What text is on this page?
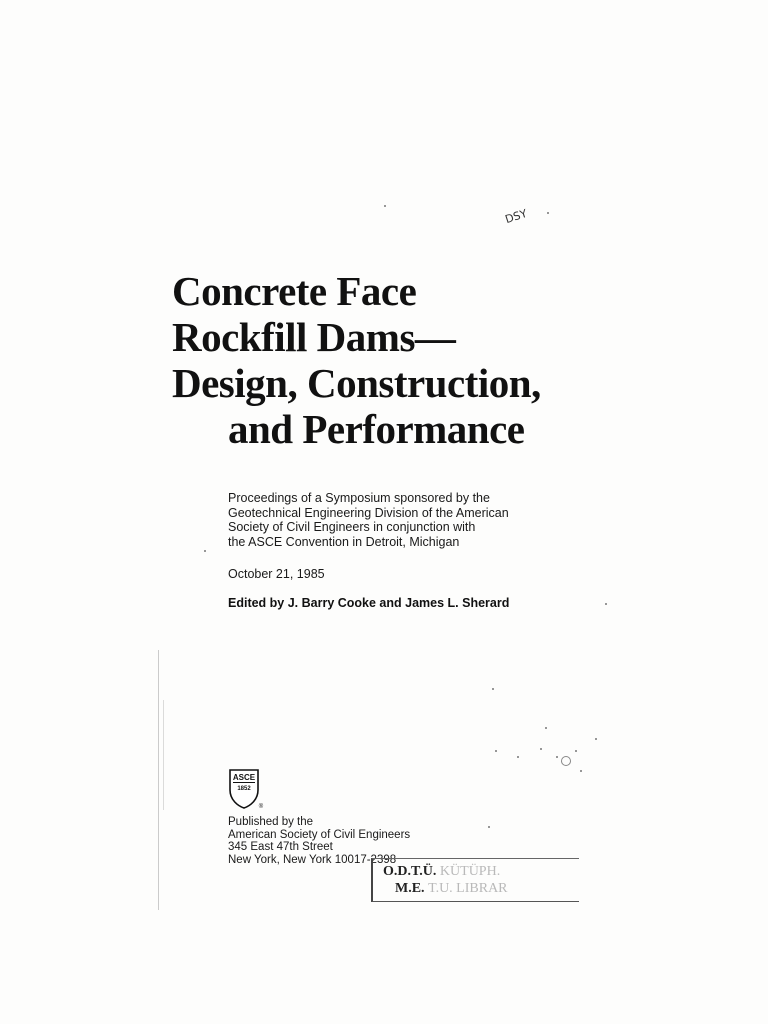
DSY
Concrete Face
Rockfill Dams—
Design, Construction,
and Performance
Proceedings of a Symposium sponsored by the
Geotechnical Engineering Division of the American
Society of Civil Engineers in conjunction with
the ASCE Convention in Detroit, Michigan
October 21, 1985
Edited by J. Barry Cooke and James L. Sherard
ASCE
1852
®
Published by the
American Society of Civil Engineers
345 East 47th Street
New York, New York 10017-2398
O.D.T.Ü. KÜTÜPH.
M.E. T.U. LIBRAR
